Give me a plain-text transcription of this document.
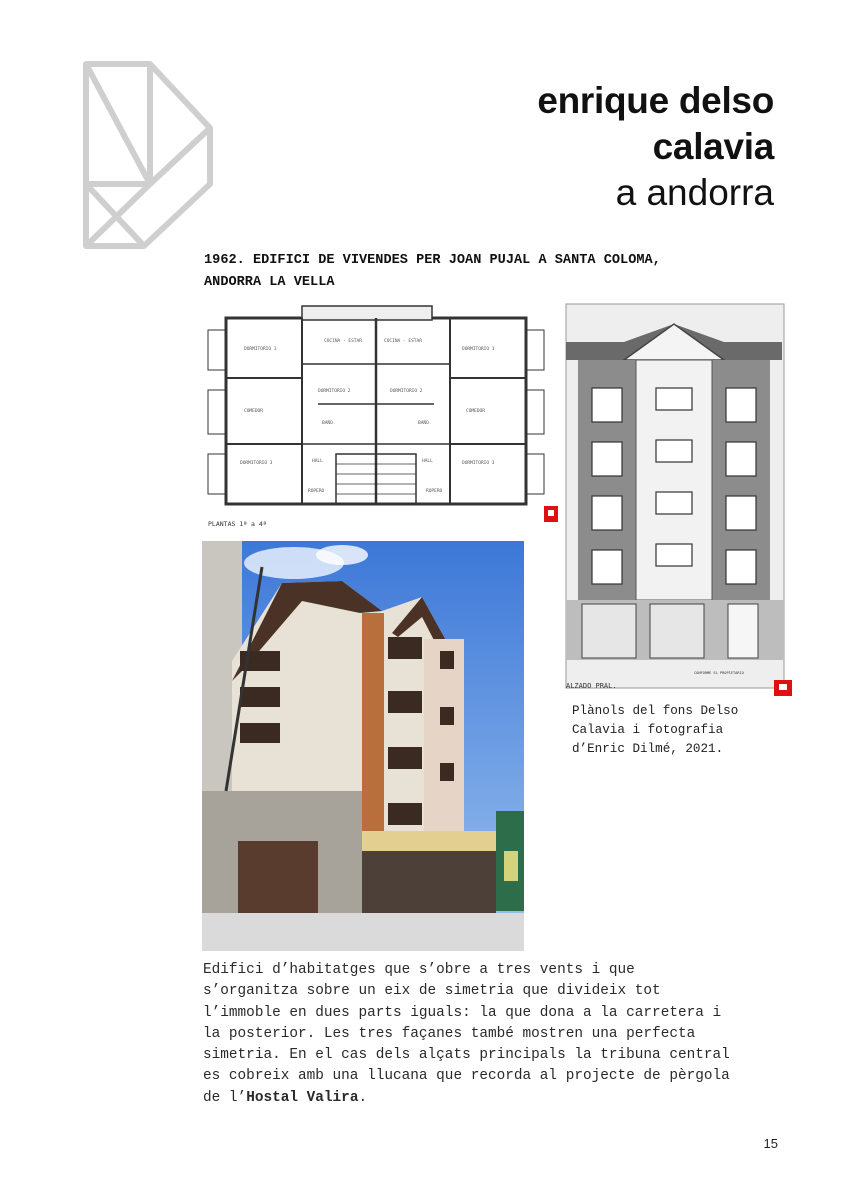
enrique delso
calavia
a andorra
1962. EDIFICI DE VIVENDES PER JOAN PUJAL A SANTA COLOMA,
ANDORRA LA VELLA
DORMITORIO 1
COCINA - ESTAR	COCINA - ESTAR
DORMITORIO 1
DORMITORIO 2	DORMITORIO 2
COMEDOR	COMEDOR
BAÑO	BAÑO
DORMITORIO 3	HALL	HALL	DORMITORIO 3
ROPERO	ROPERO
PLANTAS 1ª a 4ª
ALZADO PRAL.
CONFORME EL PROPIETARIO
Plànols del fons Delso
Calavia i fotografia
d’Enric Dilmé, 2021.
Edifici d’habitatges que s’obre a tres vents i que
s’organitza sobre un eix de simetria que divideix tot
l’immoble en dues parts iguals: la que dona a la carretera i
la posterior. Les tres façanes també mostren una perfecta
simetria. En el cas dels alçats principals la tribuna central
es cobreix amb una llucana que recorda al projecte de pèrgola
de l’Hostal Valira.
15
